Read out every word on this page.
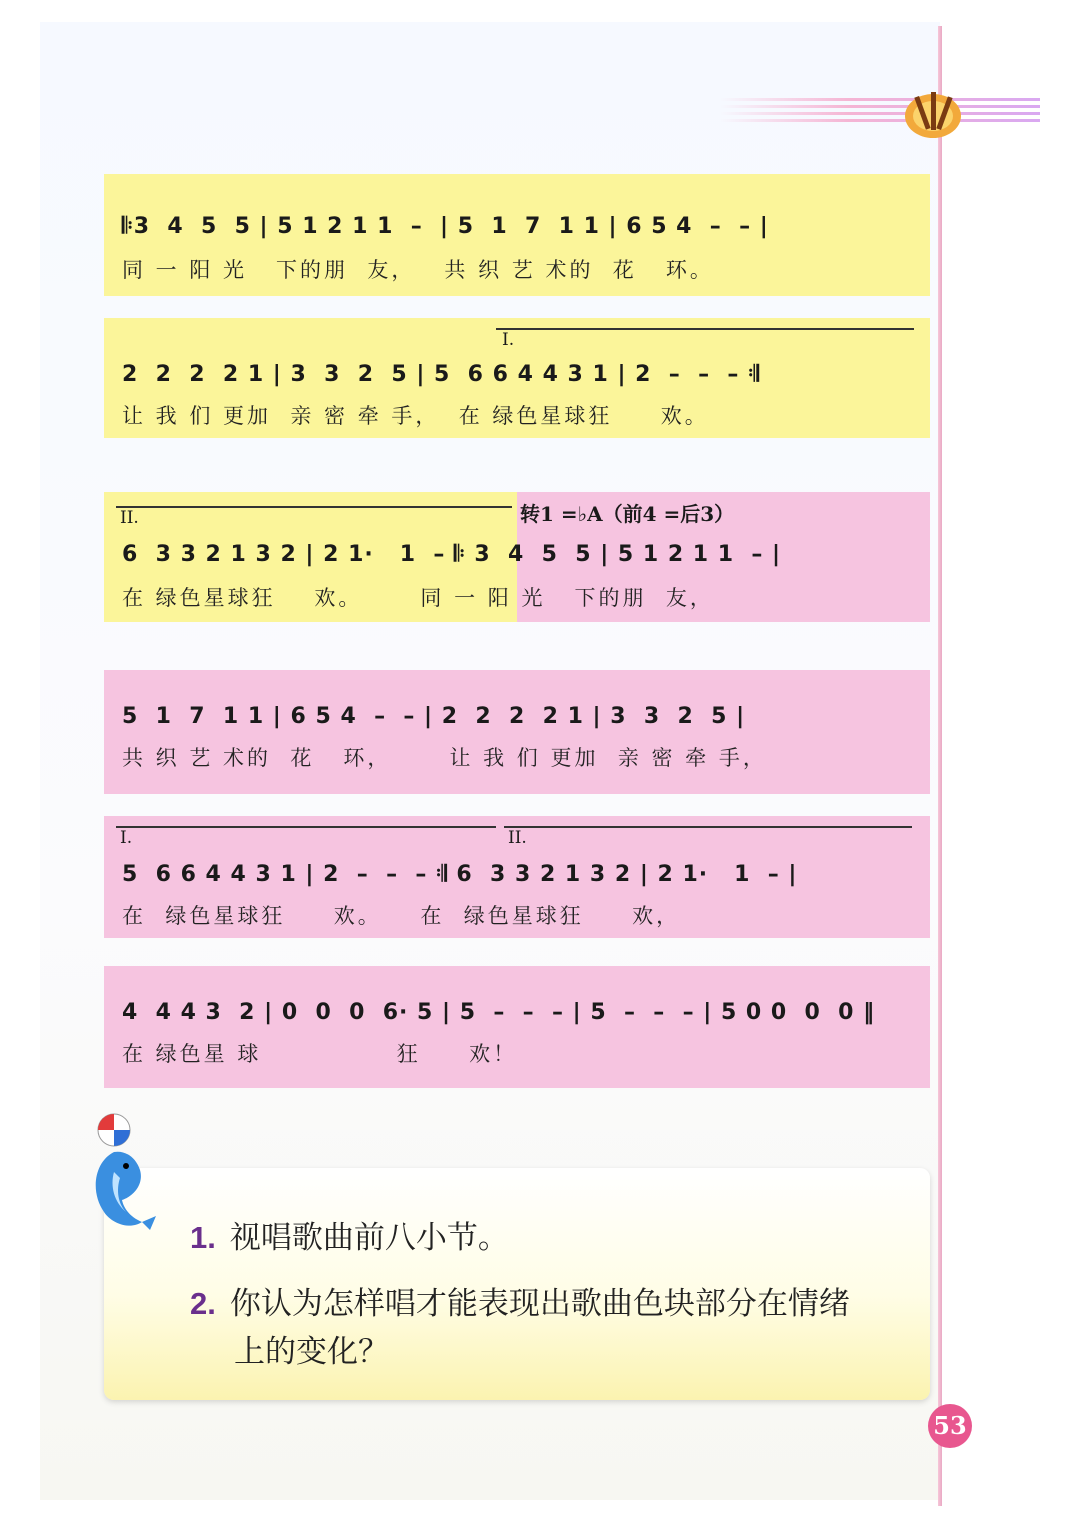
𝄆3  4  5  5 | 5 1 2 1 1  –  | 5  1  7  1 1 | 6 5 4  –  – |
同 一 阳 光   下的朋  友，   共 织 艺 术的  花   环。
I.
2  2  2  2 1 | 3  3  2  5 | 5  6 6 4 4 3 1 | 2  –  –  – 𝄇
让 我 们 更加  亲 密 牵 手，  在 绿色星球狂     欢。
II.	转1 =♭A（前4 =后3）
6  3 3 2 1 3 2 | 2 1·   1  – 𝄆 3  4  5  5 | 5 1 2 1 1  – |
在 绿色星球狂    欢。      同 一 阳 光   下的朋  友，
5  1  7  1 1 | 6 5 4  –  – | 2  2  2  2 1 | 3  3  2  5 |
共 织 艺 术的  花   环，      让 我 们 更加  亲 密 牵 手，
I.	II.
5  6 6 4 4 3 1 | 2  –  –  – 𝄇 6  3 3 2 1 3 2 | 2 1·   1  – |
在  绿色星球狂     欢。    在  绿色星球狂     欢，
4  4 4 3  2 | 0  0  0  6· 5 | 5  –  –  – | 5  –  –  – | 5 0 0  0  0 ‖
在 绿色星 球              狂     欢！
1. 视唱歌曲前八小节。
2. 你认为怎样唱才能表现出歌曲色块部分在情绪
上的变化？
53
